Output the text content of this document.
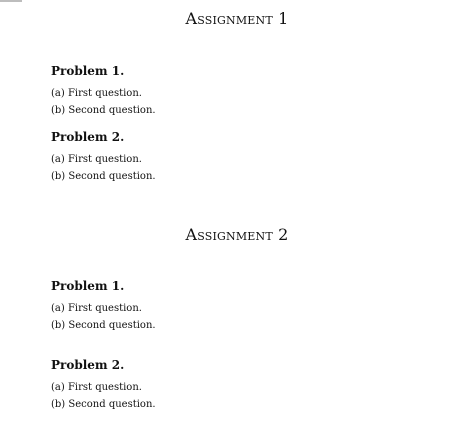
Assignment 1
Problem 1.

(a) First question.

(b) Second question.

Problem 2.

(a) First question.

(b) Second question.

Assignment 2
Problem 1.

(a) First question.

(b) Second question.

Problem 2.

(a) First question.

(b) Second question.
